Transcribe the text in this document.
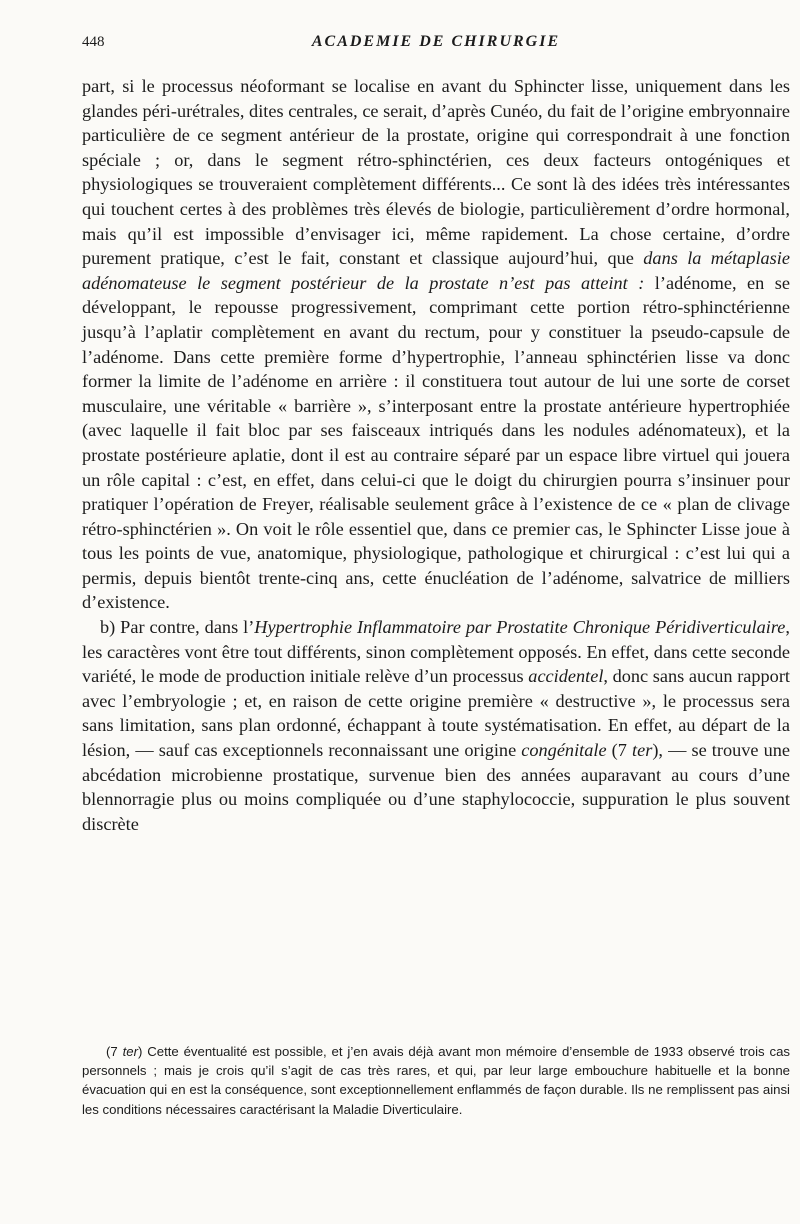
448	ACADEMIE DE CHIRURGIE

part, si le processus néoformant se localise en avant du Sphincter lisse, uniquement dans les glandes péri-urétrales, dites centrales, ce serait, d’après Cunéo, du fait de l’origine embryonnaire particulière de ce segment antérieur de la prostate, origine qui correspondrait à une fonction spéciale ; or, dans le segment rétro-sphinctérien, ces deux facteurs ontogéniques et physiologiques se trouveraient complètement différents... Ce sont là des idées très intéressantes qui touchent certes à des problèmes très élevés de biologie, particulièrement d’ordre hormonal, mais qu’il est impossible d’envisager ici, même rapidement. La chose certaine, d’ordre purement pratique, c’est le fait, constant et classique aujourd’hui, que dans la métaplasie adénomateuse le segment postérieur de la prostate n’est pas atteint : l’adénome, en se développant, le repousse progressivement, comprimant cette portion rétro-sphinctérienne jusqu’à l’aplatir complètement en avant du rectum, pour y constituer la pseudo-capsule de l’adénome. Dans cette première forme d’hypertrophie, l’anneau sphinctérien lisse va donc former la limite de l’adénome en arrière : il constituera tout autour de lui une sorte de corset musculaire, une véritable « barrière », s’interposant entre la prostate antérieure hypertrophiée (avec laquelle il fait bloc par ses faisceaux intriqués dans les nodules adénomateux), et la prostate postérieure aplatie, dont il est au contraire séparé par un espace libre virtuel qui jouera un rôle capital : c’est, en effet, dans celui-ci que le doigt du chirurgien pourra s’insinuer pour pratiquer l’opération de Freyer, réalisable seulement grâce à l’existence de ce « plan de clivage rétro-sphinctérien ». On voit le rôle essentiel que, dans ce premier cas, le Sphincter Lisse joue à tous les points de vue, anatomique, physiologique, pathologique et chirurgical : c’est lui qui a permis, depuis bientôt trente-cinq ans, cette énucléation de l’adénome, salvatrice de milliers d’existence.

b) Par contre, dans l’Hypertrophie Inflammatoire par Prostatite Chronique Péridiverticulaire, les caractères vont être tout différents, sinon complètement opposés. En effet, dans cette seconde variété, le mode de production initiale relève d’un processus accidentel, donc sans aucun rapport avec l’embryologie ; et, en raison de cette origine première « destructive », le processus sera sans limitation, sans plan ordonné, échappant à toute systématisation. En effet, au départ de la lésion, — sauf cas exceptionnels reconnaissant une origine congénitale (7 ter), — se trouve une abcédation microbienne prostatique, survenue bien des années auparavant au cours d’une blennorragie plus ou moins compliquée ou d’une staphylococcie, suppuration le plus souvent discrète

(7 ter) Cette éventualité est possible, et j’en avais déjà avant mon mémoire d’ensemble de 1933 observé trois cas personnels ; mais je crois qu’il s’agit de cas très rares, et qui, par leur large embouchure habituelle et la bonne évacuation qui en est la conséquence, sont exceptionnellement enflammés de façon durable. Ils ne remplissent pas ainsi les conditions nécessaires caractérisant la Maladie Diverticulaire.
